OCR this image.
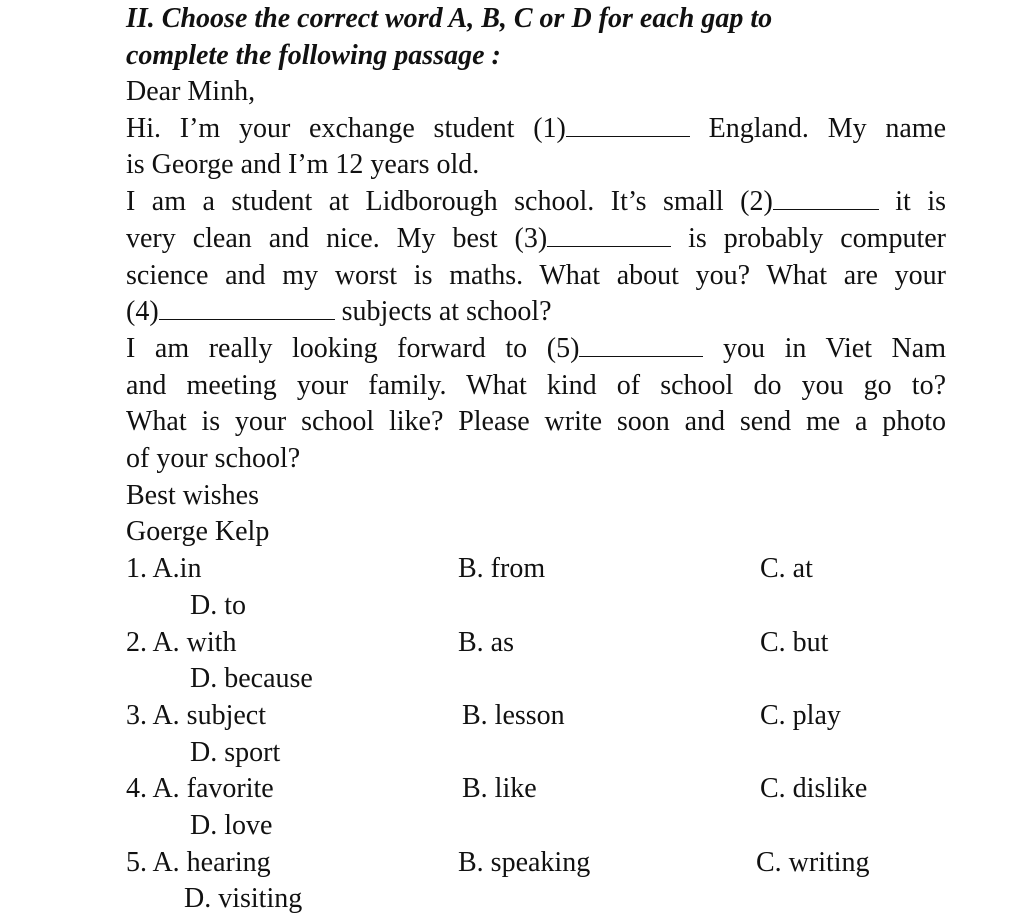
II. Choose the correct word A, B, C or D for each gap to

complete the following passage :

Dear Minh,

Hi. I’m your exchange student (1)	England. My name

is George and I’m 12 years old.

I am a student at Lidborough school. It’s small (2)	it is

very clean and nice. My best (3)	is probably computer

science and my worst is maths. What about you? What are your

(4)	subjects at school?

I am really looking forward to (5)	you in Viet Nam

and meeting your family. What kind of school do you go to?

What is your school like? Please write soon and send me a photo

of your school?

Best wishes

Goerge Kelp

1. A.in	B. from	C. at
D. to
2. A. with	B. as	C. but
D. because
3. A. subject	B. lesson	C. play
D. sport
4. A. favorite	B. like	C. dislike
D. love
5. A. hearing	B. speaking	C. writing
D. visiting
